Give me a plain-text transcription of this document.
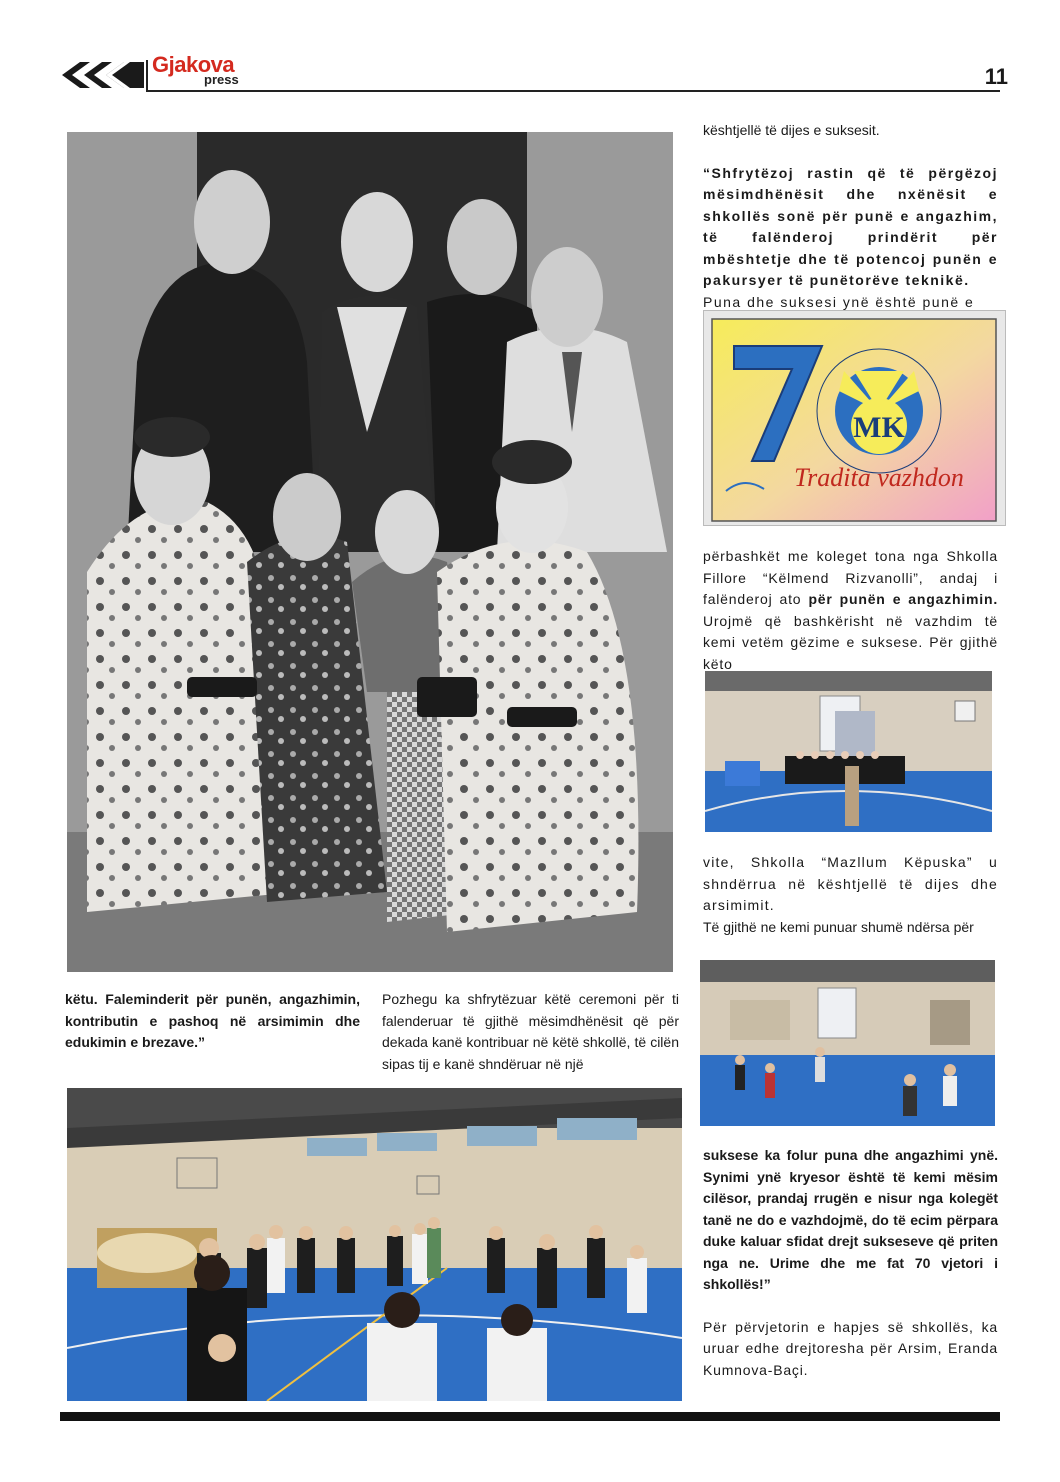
Gjakova
press	11

kështjellë të dijes e suksesit.

“Shfrytëzoj rastin që të përgëzoj mësimdhënësit dhe nxënësit e shkollës sonë për punë e angazhim, të falënderoj prindërit për mbështetje dhe të potencoj punën e pakursyer të punëtorëve teknikë.

Puna dhe suksesi ynë është punë e

MK
Tradita vazhdon

përbashkët me koleget tona nga Shkolla Fillore “Këlmend Rizvanolli”, andaj i falënderoj ato për punën e angazhimin. Urojmë që bashkërisht në vazhdim të kemi vetëm gëzime e suksese. Për gjithë këto

vite, Shkolla “Mazllum Këpuska” u shndërrua në kështjellë të dijes dhe arsimimit.

Të gjithë ne kemi punuar shumë ndërsa për

suksese ka folur puna dhe angazhimi ynë. Synimi ynë kryesor është të kemi mësim cilësor, prandaj rrugën e nisur nga kolegët tanë ne do e vazhdojmë, do të ecim përpara duke kaluar sfidat drejt sukseseve që priten nga ne. Urime dhe me fat 70 vjetori i shkollës!”

Për përvjetorin e hapjes së shkollës, ka uruar edhe drejtoresha për Arsim, Eranda Kumnova-Baçi.

këtu. Faleminderit për punën, angazhimin, kontributin e pashoq në arsimimin dhe edukimin e brezave.”

Pozhegu ka shfrytëzuar këtë ceremoni për ti falenderuar të gjithë mësimdhënësit që për dekada kanë kontribuar në këtë shkollë, të cilën sipas tij e kanë shndëruar në një
